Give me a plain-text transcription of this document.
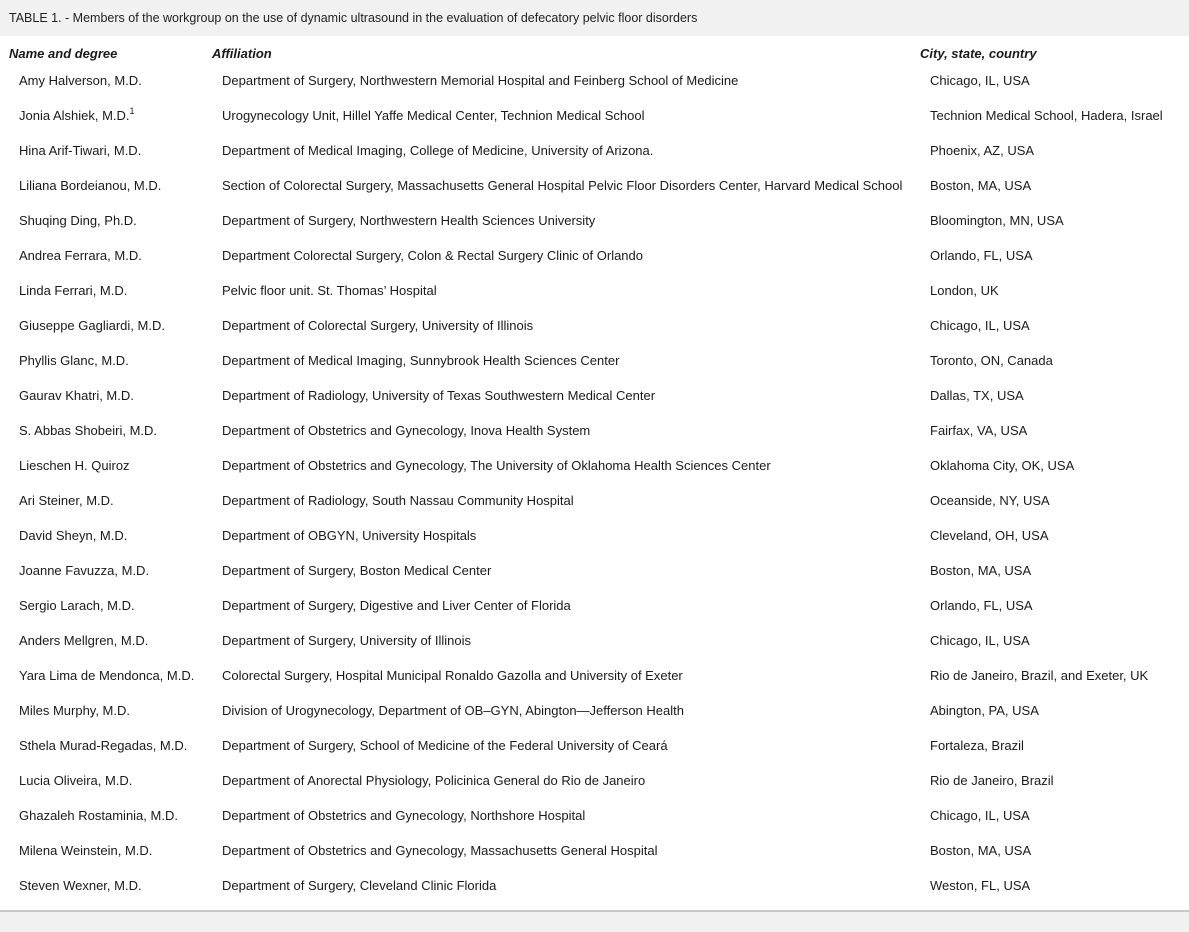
TABLE 1. - Members of the workgroup on the use of dynamic ultrasound in the evaluation of defecatory pelvic floor disorders
Name and degree	Affiliation	City, state, country
Amy Halverson, M.D.	Department of Surgery, Northwestern Memorial Hospital and Feinberg School of Medicine	Chicago, IL, USA
Jonia Alshiek, M.D.$^1$	Urogynecology Unit, Hillel Yaffe Medical Center, Technion Medical School	Technion Medical School, Hadera, Israel
Hina Arif-Tiwari, M.D.	Department of Medical Imaging, College of Medicine, University of Arizona.	Phoenix, AZ, USA
Liliana Bordeianou, M.D.	Section of Colorectal Surgery, Massachusetts General Hospital Pelvic Floor Disorders Center, Harvard Medical School	Boston, MA, USA
Shuqing Ding, Ph.D.	Department of Surgery, Northwestern Health Sciences University	Bloomington, MN, USA
Andrea Ferrara, M.D.	Department Colorectal Surgery, Colon & Rectal Surgery Clinic of Orlando	Orlando, FL, USA
Linda Ferrari, M.D.	Pelvic floor unit. St. Thomas’ Hospital	London, UK
Giuseppe Gagliardi, M.D.	Department of Colorectal Surgery, University of Illinois	Chicago, IL, USA
Phyllis Glanc, M.D.	Department of Medical Imaging, Sunnybrook Health Sciences Center	Toronto, ON, Canada
Gaurav Khatri, M.D.	Department of Radiology, University of Texas Southwestern Medical Center	Dallas, TX, USA
S. Abbas Shobeiri, M.D.	Department of Obstetrics and Gynecology, Inova Health System	Fairfax, VA, USA
Lieschen H. Quiroz	Department of Obstetrics and Gynecology, The University of Oklahoma Health Sciences Center	Oklahoma City, OK, USA
Ari Steiner, M.D.	Department of Radiology, South Nassau Community Hospital	Oceanside, NY, USA
David Sheyn, M.D.	Department of OBGYN, University Hospitals	Cleveland, OH, USA
Joanne Favuzza, M.D.	Department of Surgery, Boston Medical Center	Boston, MA, USA
Sergio Larach, M.D.	Department of Surgery, Digestive and Liver Center of Florida	Orlando, FL, USA
Anders Mellgren, M.D.	Department of Surgery, University of Illinois	Chicago, IL, USA
Yara Lima de Mendonca, M.D.	Colorectal Surgery, Hospital Municipal Ronaldo Gazolla and University of Exeter	Rio de Janeiro, Brazil, and Exeter, UK
Miles Murphy, M.D.	Division of Urogynecology, Department of OB–GYN, Abington—Jefferson Health	Abington, PA, USA
Sthela Murad-Regadas, M.D.	Department of Surgery, School of Medicine of the Federal University of Ceará	Fortaleza, Brazil
Lucia Oliveira, M.D.	Department of Anorectal Physiology, Policinica General do Rio de Janeiro	Rio de Janeiro, Brazil
Ghazaleh Rostaminia, M.D.	Department of Obstetrics and Gynecology, Northshore Hospital	Chicago, IL, USA
Milena Weinstein, M.D.	Department of Obstetrics and Gynecology, Massachusetts General Hospital	Boston, MA, USA
Steven Wexner, M.D.	Department of Surgery, Cleveland Clinic Florida	Weston, FL, USA
